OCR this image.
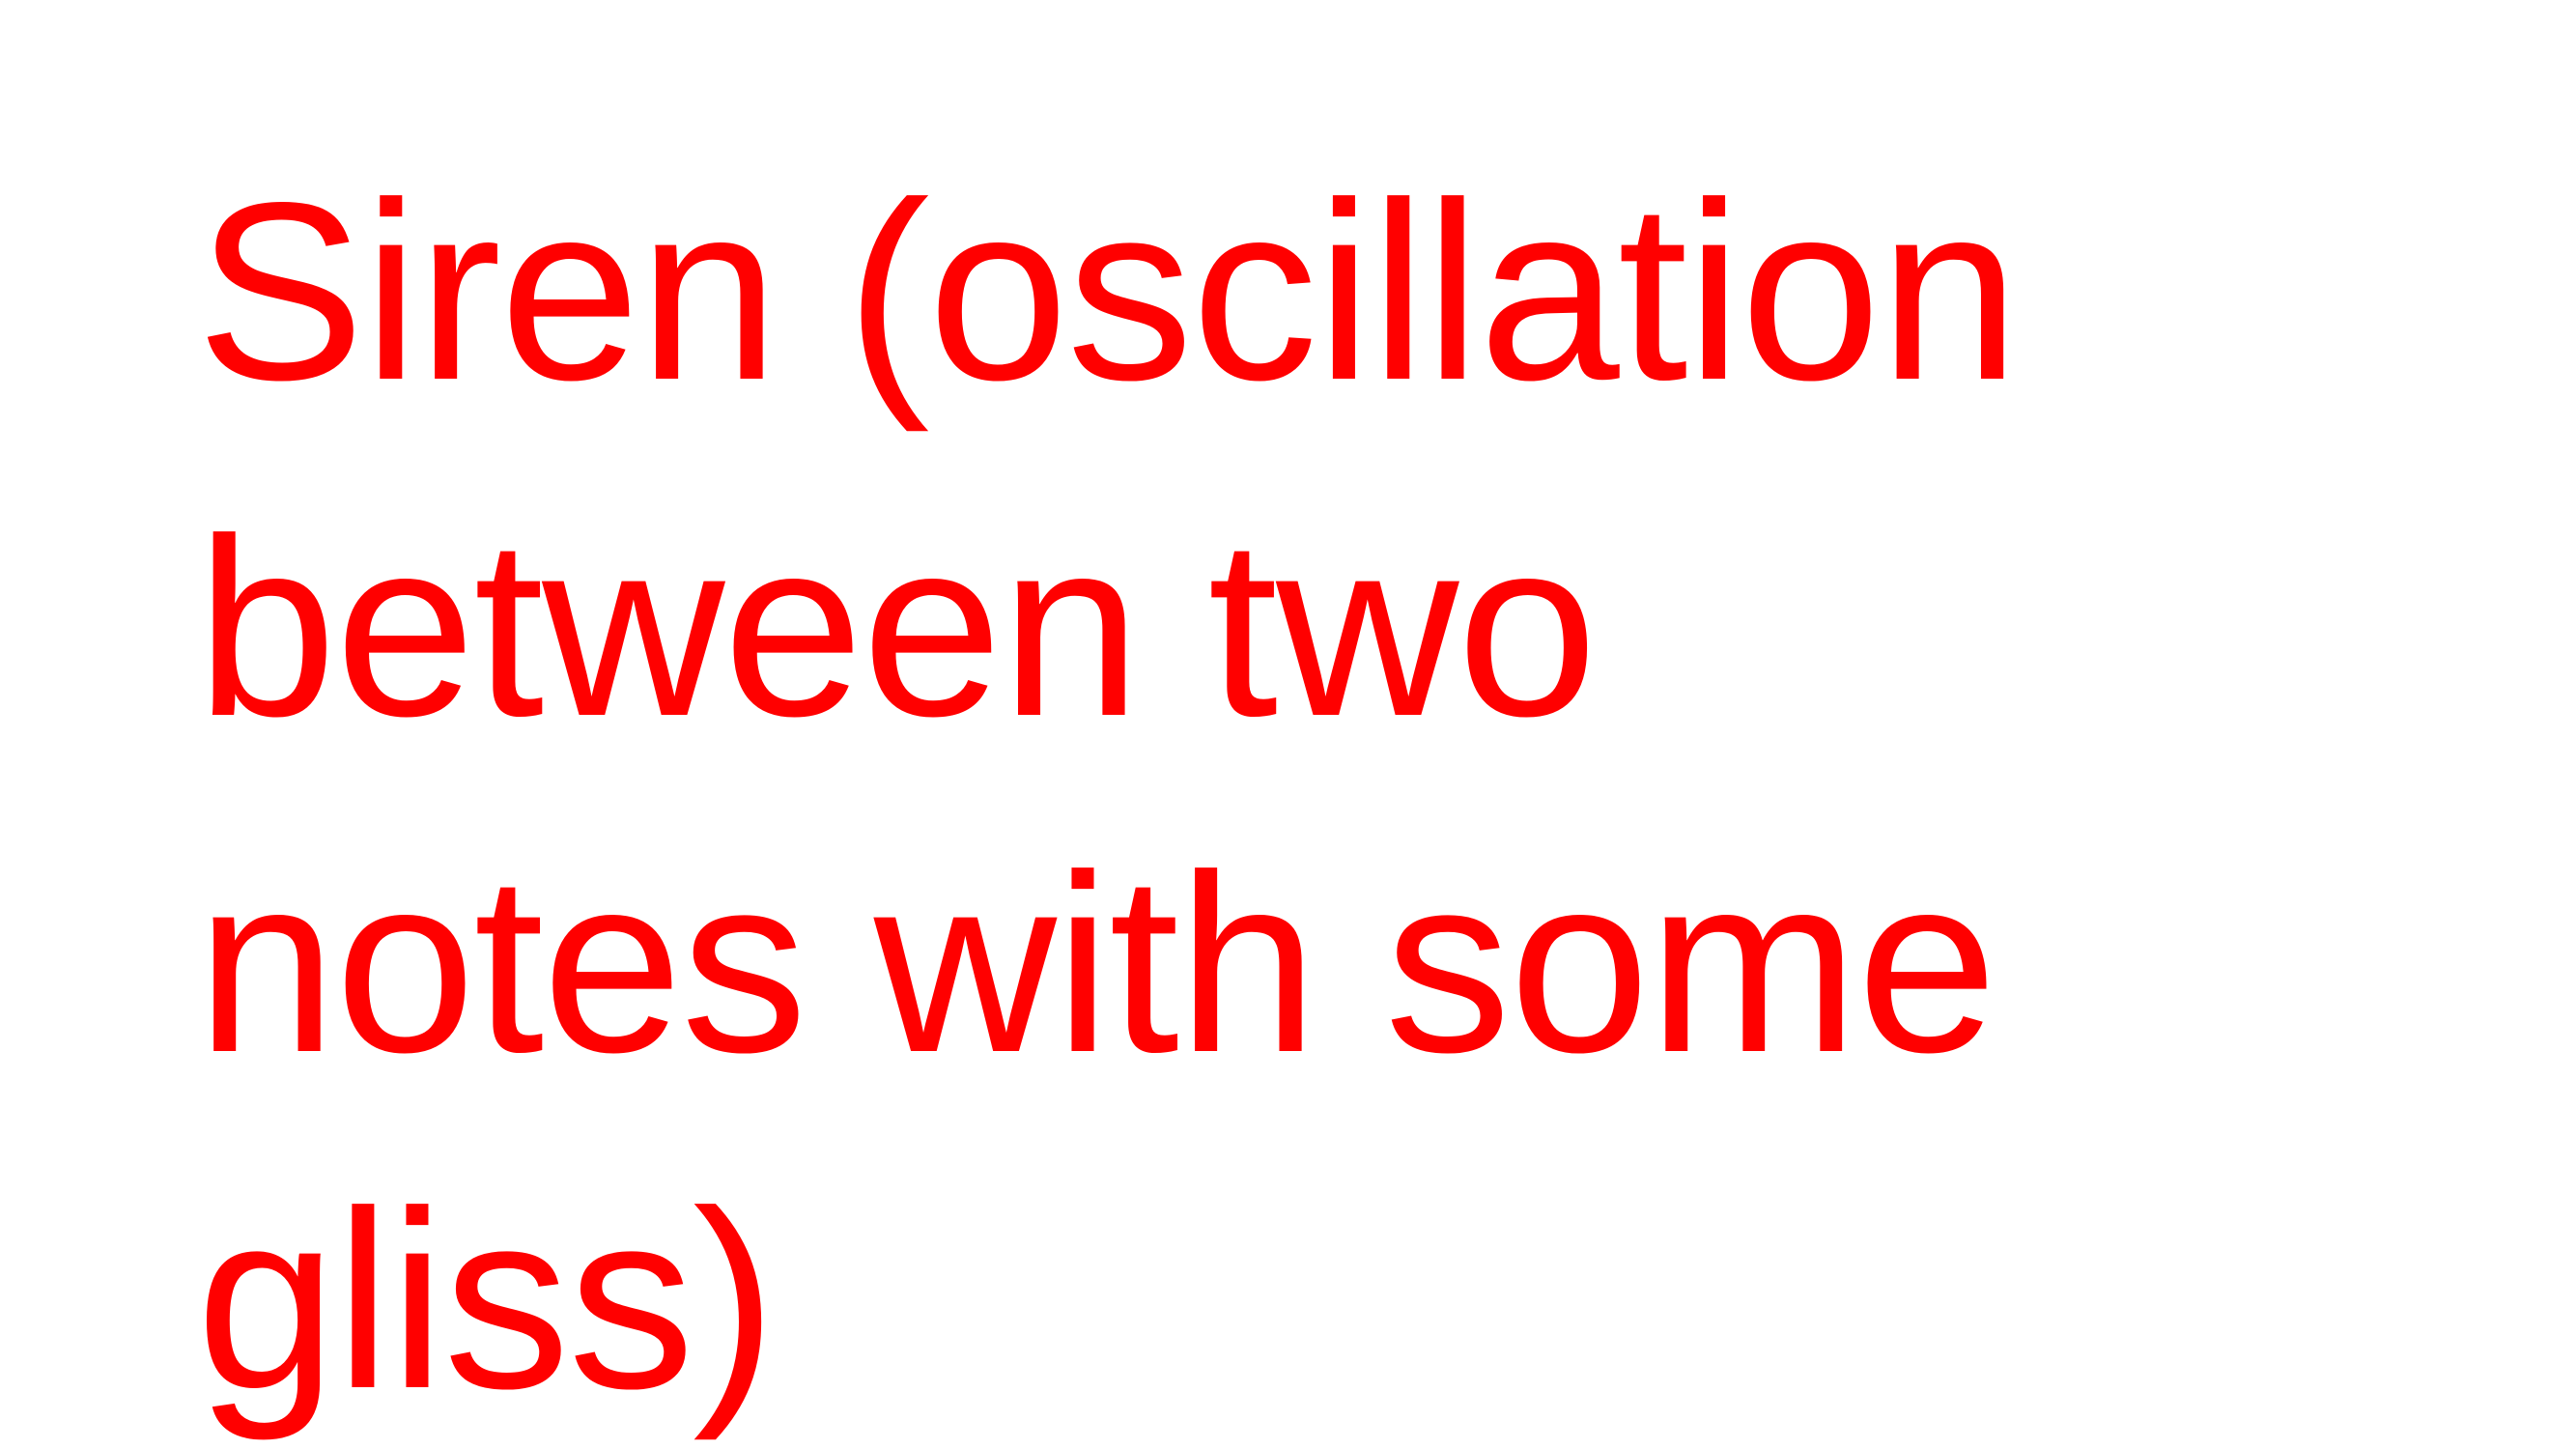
Siren (oscillation
between two
notes with some
gliss)
